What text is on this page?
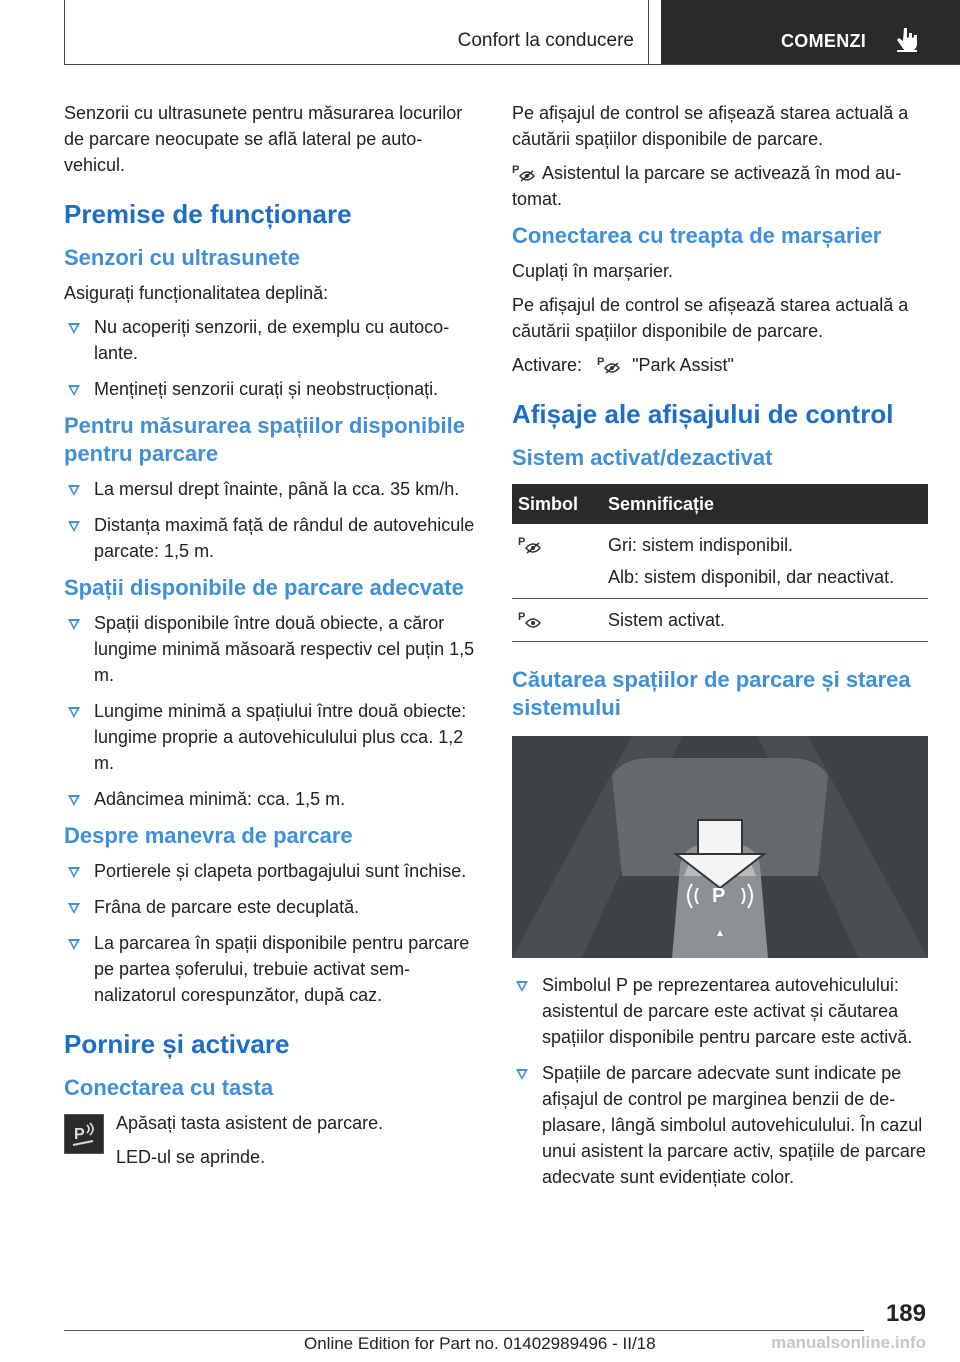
Confort la conducere	COMENZI

Senzorii cu ultrasunete pentru măsurarea locurilor de parcare neocupate se află lateral pe autovehicul.

Premise de funcționare
Senzori cu ultrasunete

Asigurați funcționalitatea deplină:

Nu acoperiți senzorii, de exemplu cu autocolante.
Mențineți senzorii curați și neobstrucționați.
Pentru măsurarea spațiilor disponibile pentru parcare
La mersul drept înainte, până la cca. 35 km/h.
Distanța maximă față de rândul de autovehicule parcate: 1,5 m.
Spații disponibile de parcare adecvate
Spații disponibile între două obiecte, a căror lungime minimă măsoară respectiv cel puțin 1,5 m.
Lungime minimă a spațiului între două obiecte: lungime proprie a autovehiculului plus cca. 1,2 m.
Adâncimea minimă: cca. 1,5 m.
Despre manevra de parcare
Portierele și clapeta portbagajului sunt închise.
Frâna de parcare este decuplată.
La parcarea în spații disponibile pentru parcare pe partea șoferului, trebuie activat semnalizatorul corespunzător, după caz.
Pornire și activare
Conectarea cu tasta
P

Apăsați tasta asistent de parcare.

LED-ul se aprinde.

Pe afișajul de control se afișează starea actuală a căutării spațiilor disponibile de parcare.

P Asistentul la parcare se activează în mod automat.

Conectarea cu treapta de marșarier

Cuplați în marșarier.

Pe afișajul de control se afișează starea actuală a căutării spațiilor disponibile de parcare.

Activare: P "Park Assist"

Afișaje ale afișajului de control
Sistem activat/dezactivat
Simbol	Semnificație

P	Gri: sistem indisponibil.
Alb: sistem disponibil, dar neactivat.

P	Sistem activat.
Căutarea spațiilor de parcare și starea sistemului
P
Simbolul P pe reprezentarea autovehiculului: asistentul de parcare este activat și căutarea spațiilor disponibile pentru parcare este activă.
Spațiile de parcare adecvate sunt indicate pe afișajul de control pe marginea benzii de deplasare, lângă simbolul autovehiculului. În cazul unui asistent la parcare activ, spațiile de parcare adecvate sunt evidențiate color.
189
Online Edition for Part no. 01402989496 - II/18	manualsonline.info
